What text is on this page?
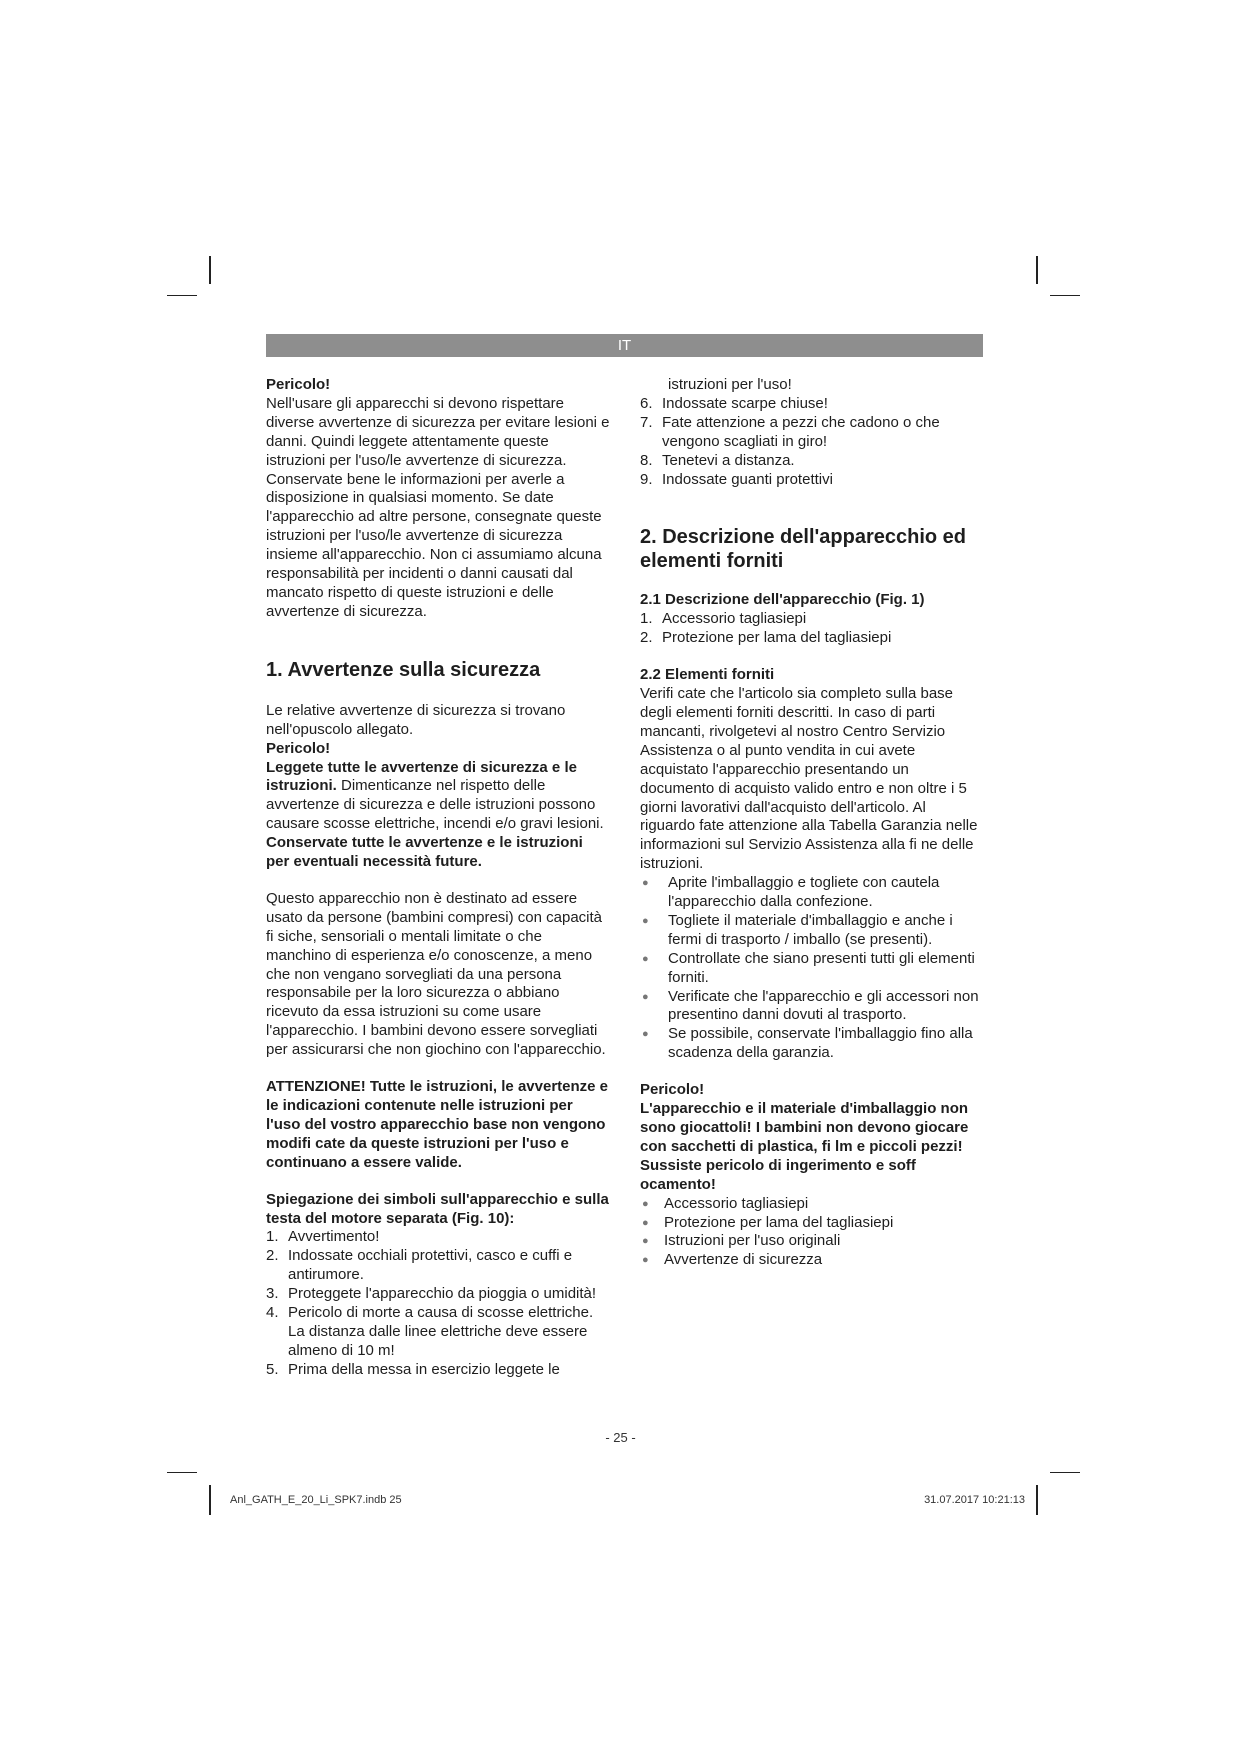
IT

Pericolo!

Nell'usare gli apparecchi si devono rispettare diverse avvertenze di sicurezza per evitare lesioni e danni. Quindi leggete attentamente queste istruzioni per l'uso/le avvertenze di sicurezza. Conservate bene le informazioni per averle a disposizione in qualsiasi momento. Se date l'apparecchio ad altre persone, consegnate queste istruzioni per l'uso/le avvertenze di sicurezza insieme all'apparecchio. Non ci assumiamo alcuna responsabilità per incidenti o danni causati dal mancato rispetto di queste istruzioni e delle avvertenze di sicurezza.

1. Avvertenze sulla sicurezza

Le relative avvertenze di sicurezza si trovano nell'opuscolo allegato.

Pericolo!

Leggete tutte le avvertenze di sicurezza e le istruzioni. Dimenticanze nel rispetto delle avvertenze di sicurezza e delle istruzioni possono causare scosse elettriche, incendi e/o gravi lesioni.

Conservate tutte le avvertenze e le istruzioni per eventuali necessità future.

Questo apparecchio non è destinato ad essere usato da persone (bambini compresi) con capacità fi siche, sensoriali o mentali limitate o che manchino di esperienza e/o conoscenze, a meno che non vengano sorvegliati da una persona responsabile per la loro sicurezza o abbiano ricevuto da essa istruzioni su come usare l'apparecchio. I bambini devono essere sorvegliati per assicurarsi che non giochino con l'apparecchio.

ATTENZIONE! Tutte le istruzioni, le avvertenze e le indicazioni contenute nelle istruzioni per l'uso del vostro apparecchio base non vengono modifi cate da queste istruzioni per l'uso e continuano a essere valide.

Spiegazione dei simboli sull'apparecchio e sulla testa del motore separata (Fig. 10):

1. Avvertimento!
2. Indossate occhiali protettivi, casco e cuffi e antirumore.
3. Proteggete l'apparecchio da pioggia o umidità!
4. Pericolo di morte a causa di scosse elettriche. La distanza dalle linee elettriche deve essere almeno di 10 m!
5. Prima della messa in esercizio leggete le

istruzioni per l'uso!

6. Indossate scarpe chiuse!
7. Fate attenzione a pezzi che cadono o che vengono scagliati in giro!
8. Tenetevi a distanza.
9. Indossate guanti protettivi

2. Descrizione dell'apparecchio ed elementi forniti

2.1 Descrizione dell'apparecchio (Fig. 1)

1. Accessorio tagliasiepi
2. Protezione per lama del tagliasiepi

2.2 Elementi forniti

Verifi cate che l'articolo sia completo sulla base degli elementi forniti descritti. In caso di parti mancanti, rivolgetevi al nostro Centro Servizio Assistenza o al punto vendita in cui avete acquistato l'apparecchio presentando un documento di acquisto valido entro e non oltre i 5 giorni lavorativi dall'acquisto dell'articolo. Al riguardo fate attenzione alla Tabella Garanzia nelle informazioni sul Servizio Assistenza alla fi ne delle istruzioni.

● Aprite l'imballaggio e togliete con cautela l'apparecchio dalla confezione.
● Togliete il materiale d'imballaggio e anche i fermi di trasporto / imballo (se presenti).
● Controllate che siano presenti tutti gli elementi forniti.
● Verificate che l'apparecchio e gli accessori non presentino danni dovuti al trasporto.
● Se possibile, conservate l'imballaggio fino alla scadenza della garanzia.

Pericolo!

L'apparecchio e il materiale d'imballaggio non sono giocattoli! I bambini non devono giocare con sacchetti di plastica, fi lm e piccoli pezzi! Sussiste pericolo di ingerimento e soff ocamento!

● Accessorio tagliasiepi
● Protezione per lama del tagliasiepi
● Istruzioni per l'uso originali
● Avvertenze di sicurezza
- 25 -
Anl_GATH_E_20_Li_SPK7.indb 25	31.07.2017 10:21:13
